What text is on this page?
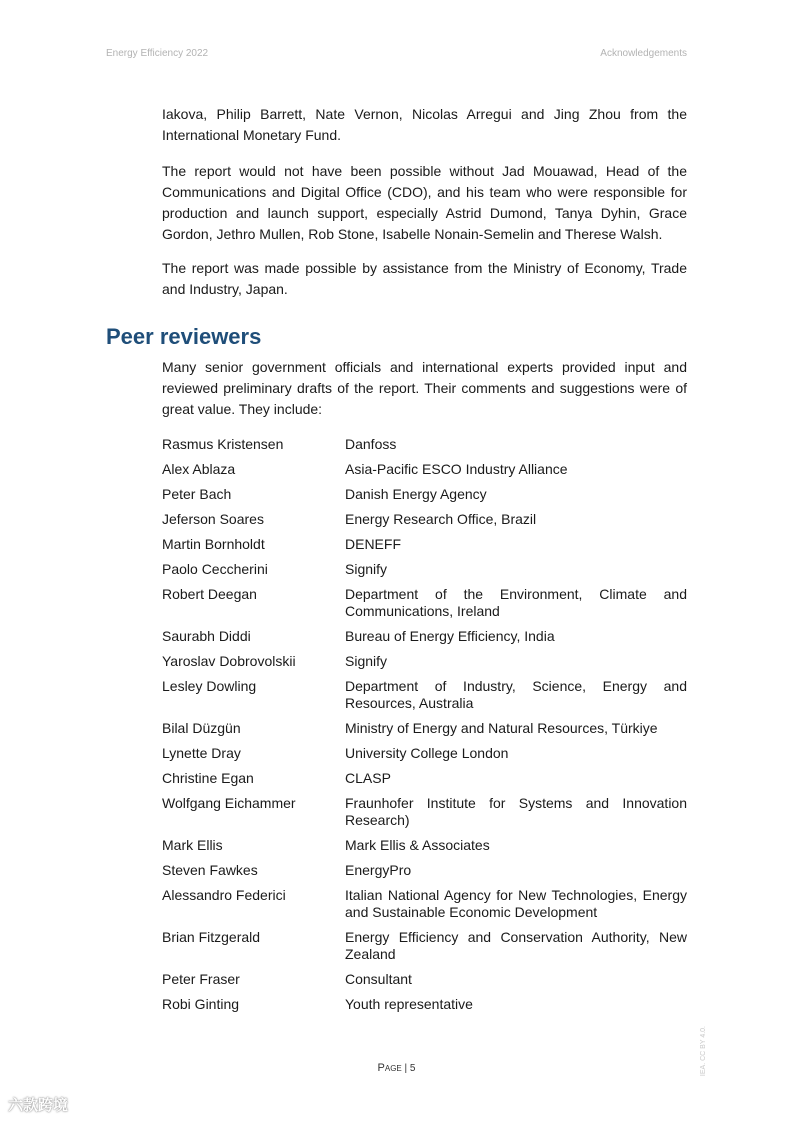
Energy Efficiency 2022	Acknowledgements

Iakova, Philip Barrett, Nate Vernon, Nicolas Arregui and Jing Zhou from the International Monetary Fund.

The report would not have been possible without Jad Mouawad, Head of the Communications and Digital Office (CDO), and his team who were responsible for production and launch support, especially Astrid Dumond, Tanya Dyhin, Grace Gordon, Jethro Mullen, Rob Stone, Isabelle Nonain-Semelin and Therese Walsh.

The report was made possible by assistance from the Ministry of Economy, Trade and Industry, Japan.

Peer reviewers

Many senior government officials and international experts provided input and reviewed preliminary drafts of the report. Their comments and suggestions were of great value. They include:

Rasmus Kristensen	Danfoss
Alex Ablaza	Asia-Pacific ESCO Industry Alliance
Peter Bach	Danish Energy Agency
Jeferson Soares	Energy Research Office, Brazil
Martin Bornholdt	DENEFF
Paolo Ceccherini	Signify
Robert Deegan	Department of the Environment, Climate and Communications, Ireland
Saurabh Diddi	Bureau of Energy Efficiency, India
Yaroslav Dobrovolskii	Signify
Lesley Dowling	Department of Industry, Science, Energy and Resources, Australia
Bilal Düzgün	Ministry of Energy and Natural Resources, Türkiye
Lynette Dray	University College London
Christine Egan	CLASP
Wolfgang Eichammer	Fraunhofer Institute for Systems and Innovation Research)
Mark Ellis	Mark Ellis & Associates
Steven Fawkes	EnergyPro
Alessandro Federici	Italian National Agency for New Technologies, Energy and Sustainable Economic Development
Brian Fitzgerald	Energy Efficiency and Conservation Authority, New Zealand
Peter Fraser	Consultant
Robi Ginting	Youth representative
Page | 5	IEA. CC BY 4.0.
六款跨境
